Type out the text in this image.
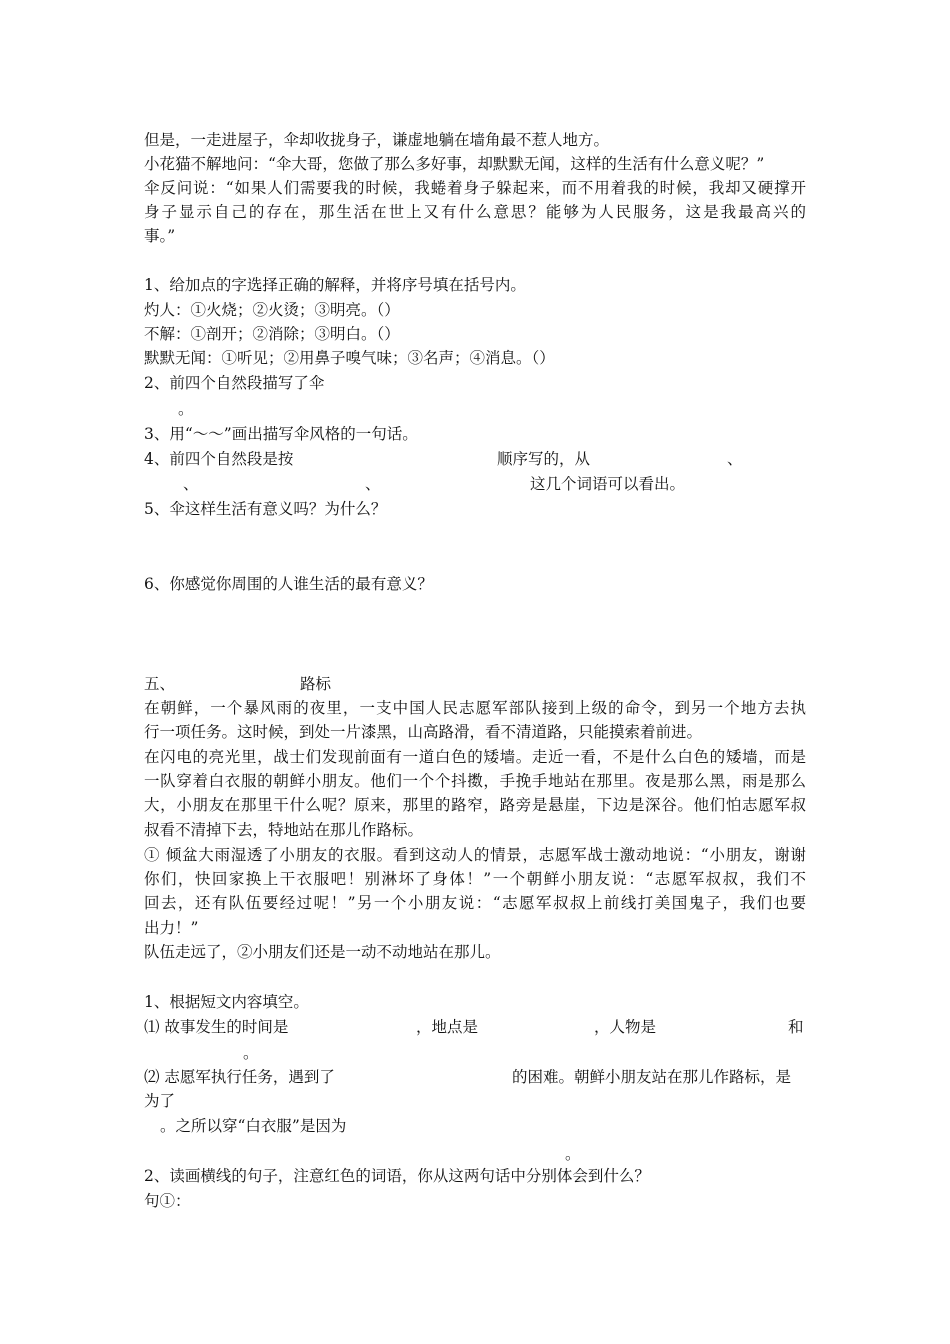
但是，一走进屋子，伞却收拢身子，谦虚地躺在墙角最不惹人地方。
小花猫不解地问：“伞大哥，您做了那么多好事，却默默无闻，这样的生活有什么意义呢？”
伞反问说：“如果人们需要我的时候，我蜷着身子躲起来，而不用着我的时候，我却又硬撑开
身子显示自己的存在，那生活在世上又有什么意思？能够为人民服务，这是我最高兴的
事。”
1、给加点的字选择正确的解释，并将序号填在括号内。
灼人：①火烧；②火烫；③明亮。（）
不解：①剖开；②消除；③明白。（）
默默无闻：①听见；②用鼻子嗅气味；③名声；④消息。（）
2、前四个自然段描写了伞
。
3、用“～～”画出描写伞风格的一句话。
4、前四个自然段是按	顺序写的，从	、
、	、	这几个词语可以看出。
5、伞这样生活有意义吗？为什么？
6、你感觉你周围的人谁生活的最有意义？
五、	路标
在朝鲜，一个暴风雨的夜里，一支中国人民志愿军部队接到上级的命令，到另一个地方去执
行一项任务。这时候，到处一片漆黑，山高路滑，看不清道路，只能摸索着前进。
在闪电的亮光里，战士们发现前面有一道白色的矮墙。走近一看，不是什么白色的矮墙，而是
一队穿着白衣服的朝鲜小朋友。他们一个个抖擞，手挽手地站在那里。夜是那么黑，雨是那么
大，小朋友在那里干什么呢？原来，那里的路窄，路旁是悬崖，下边是深谷。他们怕志愿军叔
叔看不清掉下去，特地站在那儿作路标。
① 倾盆大雨湿透了小朋友的衣服。看到这动人的情景，志愿军战士激动地说：“小朋友，谢谢
你们，快回家换上干衣服吧！别淋坏了身体！”一个朝鲜小朋友说：“志愿军叔叔，我们不
回去，还有队伍要经过呢！”另一个小朋友说：“志愿军叔叔上前线打美国鬼子，我们也要
出力！”
队伍走远了，②小朋友们还是一动不动地站在那儿。
1、根据短文内容填空。
⑴ 故事发生的时间是	，地点是	，人物是	和
。
⑵ 志愿军执行任务，遇到了	的困难。朝鲜小朋友站在那儿作路标，是
为了
。之所以穿“白衣服”是因为
。
2、读画横线的句子，注意红色的词语，你从这两句话中分别体会到什么？
句①：
